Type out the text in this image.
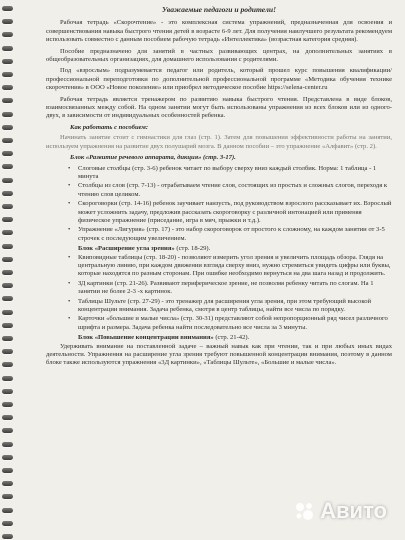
Уважаемые педагоги и родители!

Рабочая тетрадь «Скорочтение» - это комплексная система упражнений, предназначенная для освоения и совершенствования навыка быстрого чтения детей в возрасте 6-9 лет. Для получения наилучшего результата рекомендуем использовать совместно с данным пособием рабочую тетрадь «Интеллектика» (возрастная категория средняя).

Пособие предназначено для занятий в частных развивающих центрах, на дополнительных занятиях в общеобразовательных организациях, для домашнего использования с родителями.

Под «взрослым» подразумевается педагог или родитель, который прошел курс повышения квалификации/профессиональной переподготовки по дополнительной профессиональной программе «Методика обучения технике скорочтения» в ООО «Новое поколение» или приобрел методическое пособие https://selena-center.ru

Рабочая тетрадь является тренажером по развитию навыка быстрого чтения. Представлена в виде блоков, взаимосвязанных между собой. На одном занятии могут быть использованы упражнения из всех блоков или из одного-двух, в зависимости от индивидуальных особенностей ребенка.

Как работать с пособием:

Начинать занятие стоит с гимнастики для глаз (стр. 1). Затем для повышения эффективности работы на занятии, используем упражнения на развитие двух полушарий мозга. В данном пособии – это упражнение «Алфавит» (стр. 2).

Блок «Развитие речевого аппарата, дикция» (стр. 3-17).
• Слоговые столбцы (стр. 3-6) ребенок читает по выбору сверху вниз каждый столбик. Норма: 1 таблица - 1 минута
• Столбцы из слов (стр. 7-13) - отрабатываем чтение слов, состоящих из простых и сложных слогов, переходя к чтению слов целиком.
• Скороговорки (стр. 14-16) ребенок заучивает наизусть, под руководством взрослого рассказывает их. Взрослый может усложнить задачу, предложив рассказать скороговорку с различной интонацией или применяя физическое упражнение (приседание, игра в мяч, прыжки и т.д.).
• Упражнение «Лигурия» (стр. 17) - это набор скороговорок от простого к сложному, на каждом занятии от 3-5 строчек с последующим увеличением.
Блок «Расширение угла зрения» (стр. 18-29).
• Квиповидные таблицы (стр. 18-20) - позволяют измерить угол зрения и увеличить площадь обзора. Глядя на центральную линию, при каждом движении взгляда сверху вниз, нужно стремиться увидеть цифры или буквы, которые находятся по разным сторонам. При ошибке необходимо вернуться на два шага назад и продолжить.
• ЗД картинки (стр. 21-26). Развивают периферическое зрение, не позволяя ребенку читать по слогам. На 1 занятии не более 2-3 -х картинок.
• Таблицы Шульте (стр. 27-29) - это тренажер для расширения угла зрения, при этом требующий высокой концентрации внимания. Задача ребенка, смотря в центр таблицы, найти все числа по порядку.
• Карточки «большие и малые числа» (стр. 30-31) представляют собой непропорционный ряд чисел различного шрифта и размера. Задача ребенка найти последовательно все числа за 3 минуты.
Блок «Повышение концентрации внимания» (стр. 21-42).

Удерживать внимание на поставленной задаче – важный навык как при чтении, так и при любых иных видах деятельности. Упражнения на расширение угла зрения требуют повышенной концентрации внимания, поэтому в данном блоке также используются упражнения «3Д картинки», «Таблицы Шульте», «Большие и малые числа».

Авито
